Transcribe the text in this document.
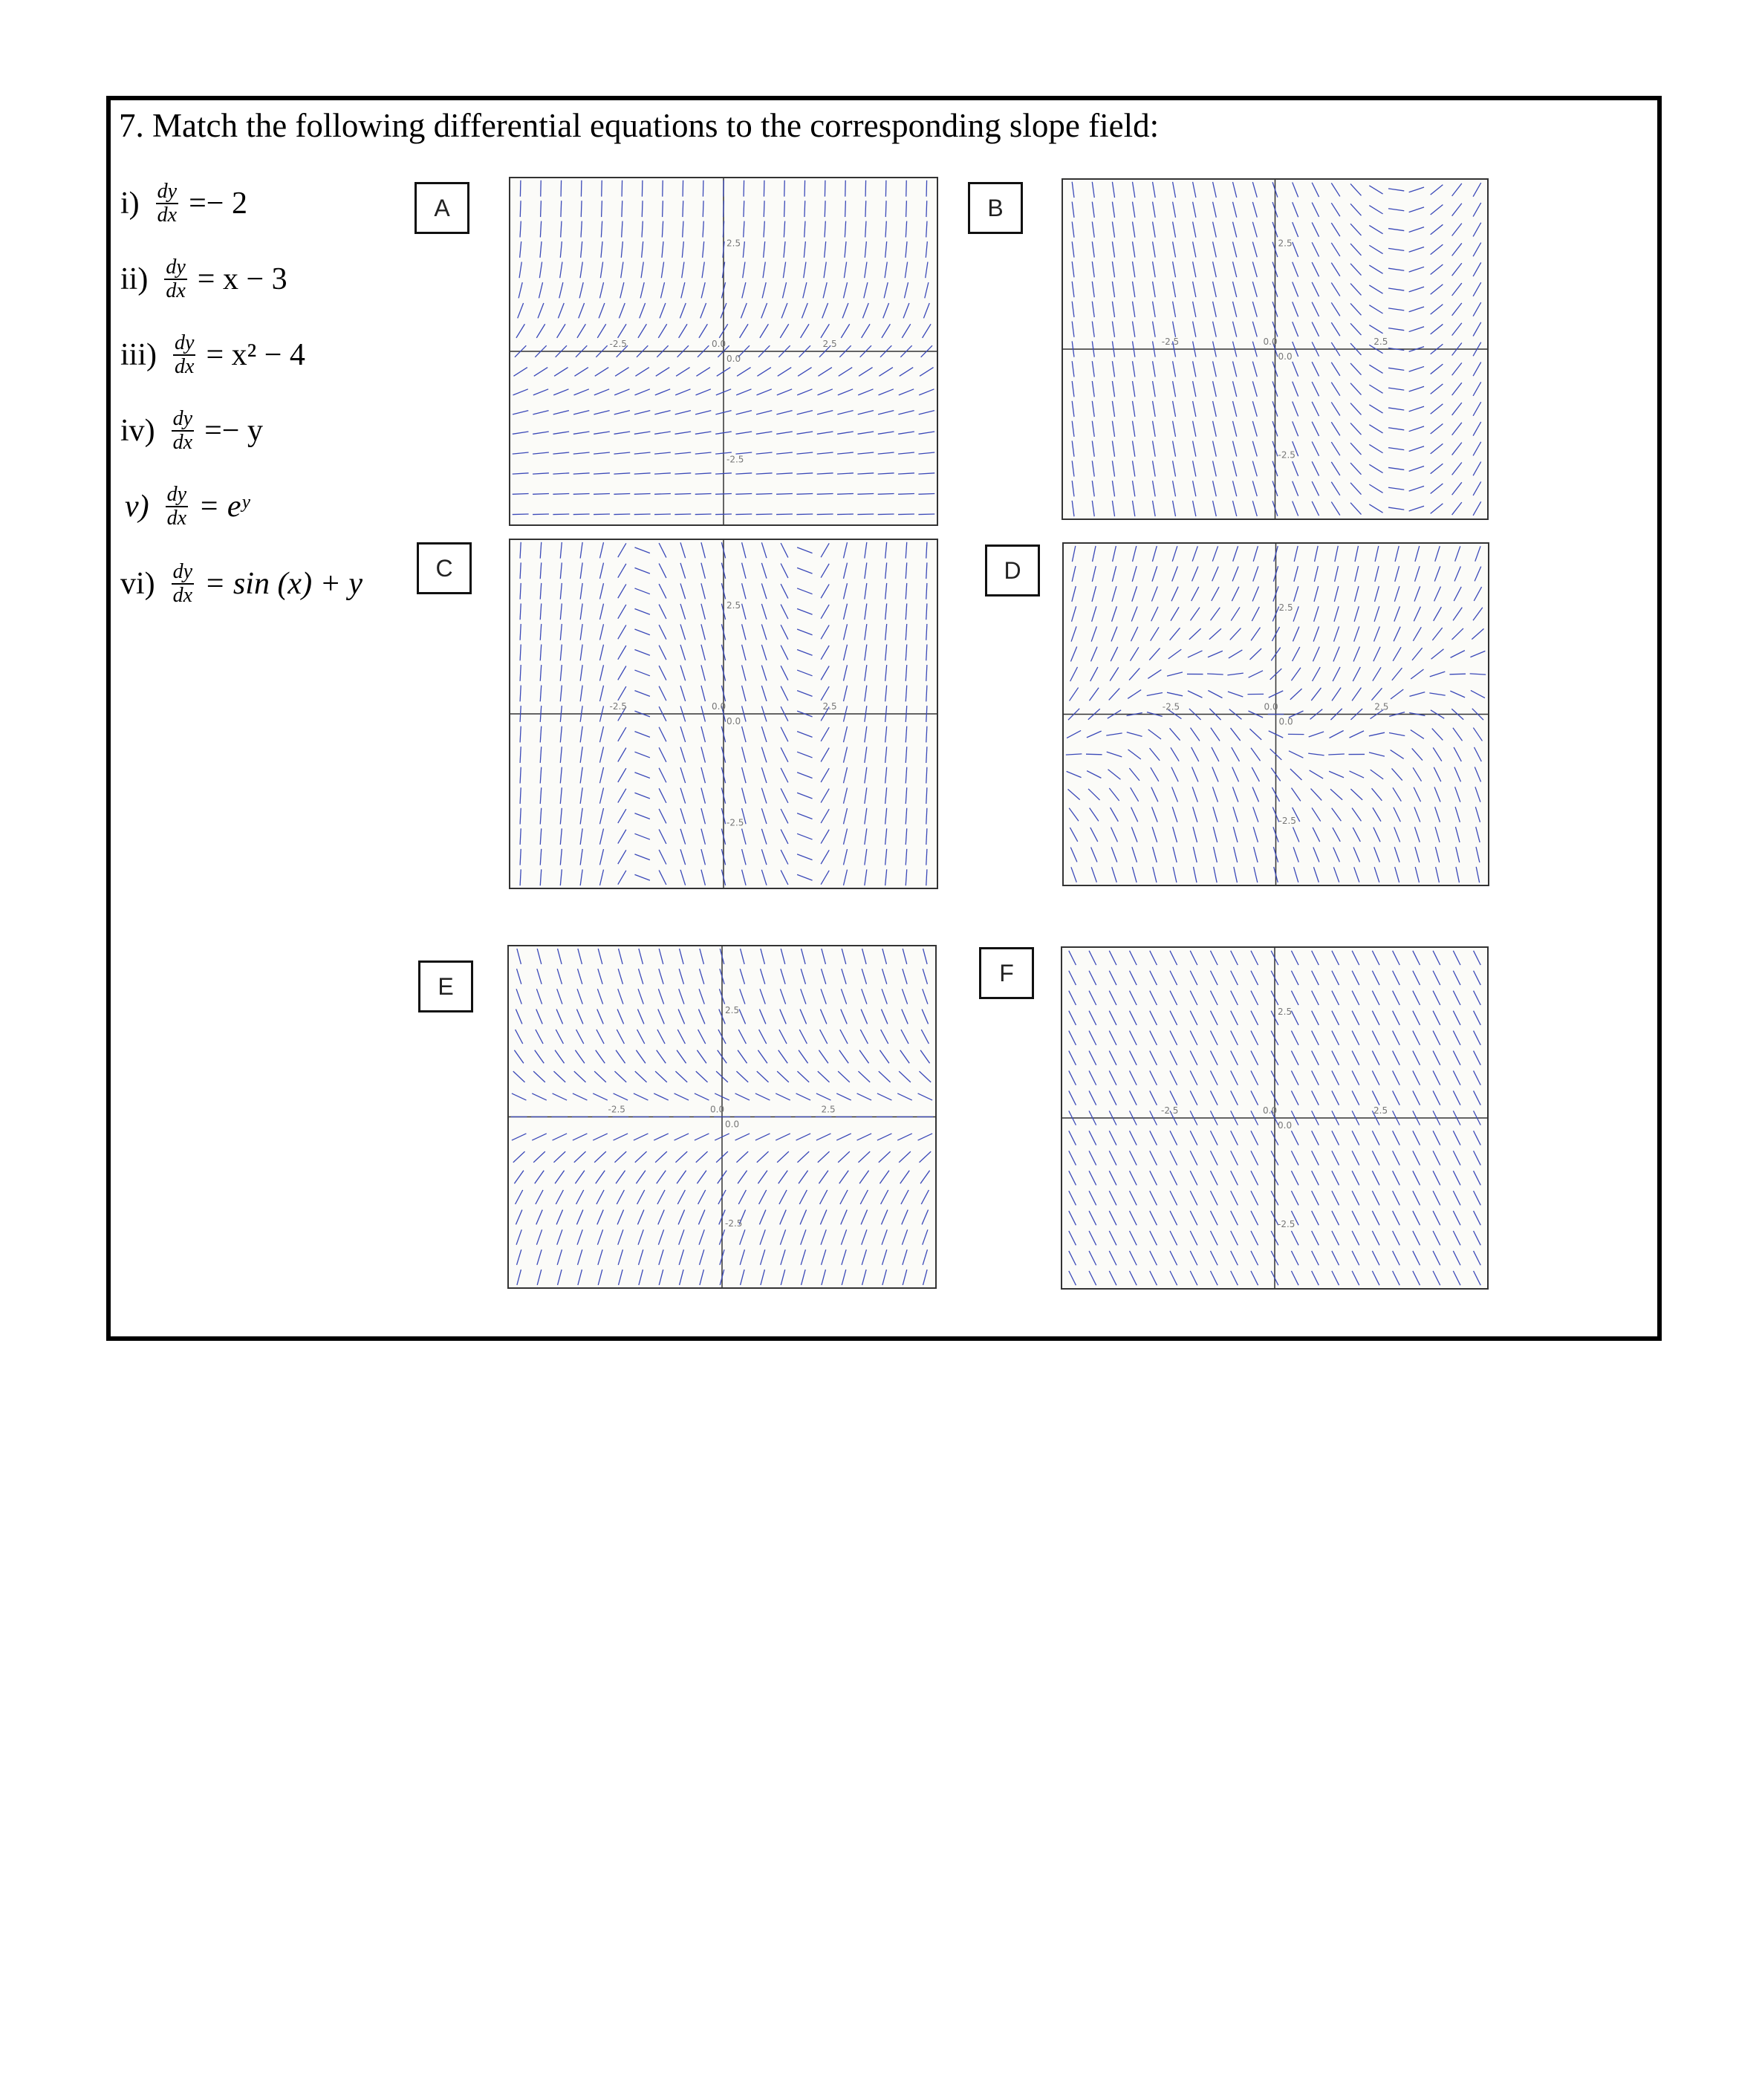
7. Match the following differential equations to the corresponding slope field:
$i) \frac{dy}{dx} =- 2$
$ii) \frac{dy}{dx} = x - 3$
$iii) \frac{dy}{dx} = x^2 - 4$
$iv) \frac{dy}{dx} =- y$
$v) \frac{dy}{dx}$ = eʸ
$vi) \frac{dy}{dx} = \sin (x) + y$
A	B
C	D
E	F
-2.5	0.0	2.5
0.0
2.5
-2.5
-2.5	0.0	2.5
0.0
2.5
-2.5
-2.5	0.0	2.5
0.0
2.5
-2.5
-2.5	0.0	2.5
0.0
2.5
-2.5
-2.5	0.0	2.5
0.0
2.5
-2.5
-2.5	0.0	2.5
0.0
2.5
-2.5
